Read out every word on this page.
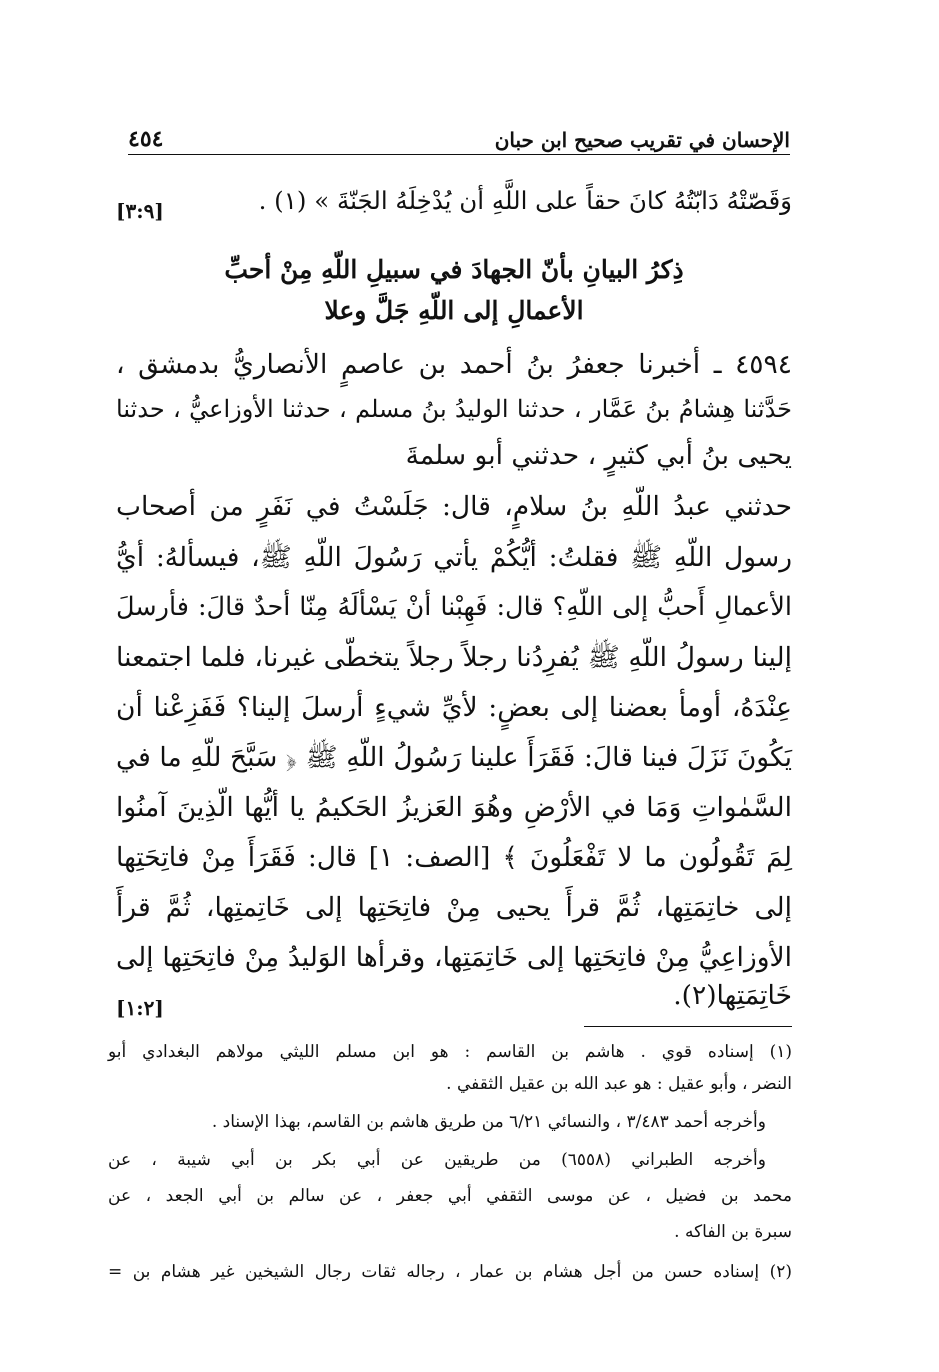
٤٥٤	الإحسان في تقريب صحيح ابن حبان
وَقَصّتْهُ دَابّتُهُ كانَ حقاً على اللَّهِ أن يُدْخِلَهُ الجَنّةَ » (١) .
[٣:٩]
ذِكرُ البيانِ بأنّ الجهادَ في سبيلِ اللّهِ مِنْ أحبِّ
الأعمالِ إلى اللّهِ جَلَّ وعلا
٤٥٩٤ ـ أخبرنا جعفرُ بنُ أحمد بن عاصمٍ الأنصاريُّ بدمشق ،
حَدَّثنا هِشامُ بنُ عَمَّار ، حدثنا الوليدُ بنُ مسلم ، حدثنا الأوزاعيُّ ، حدثنا
يحيى بنُ أبي كثيرٍ ، حدثني أبو سلمةَ
حدثني عبدُ اللّهِ بنُ سلامٍ، قال: جَلَسْتُ في نَفَرٍ من أصحاب
رسول اللّهِ ﷺ فقلتُ: أيُّكُمْ يأتي رَسُولَ اللّهِ ﷺ، فيسألهُ: أيُّ
الأعمالِ أَحبُّ إلى اللّهِ؟ قال: فَهِبْنا أنْ يَسْألَهُ مِنّا أحدٌ قالَ: فأرسلَ
إلينا رسولُ اللّهِ ﷺ يُفرِدُنا رجلاً رجلاً يتخطّى غيرنا، فلما اجتمعنا
عِنْدَهُ، أومأ بعضنا إلى بعضٍ: لأيِّ شيءٍ أرسلَ إلينا؟ فَفَزِعْنا أن
يَكُونَ نَزَلَ فينا قالَ: فَقَرَأَ علينا رَسُولُ اللّهِ ﷺ ﴿ سَبَّحَ للّهِ ما في
السَّمٰواتِ وَمَا في الأرْضِ وهُوَ العَزيزُ الحَكيمُ يا أيُّها الّذِينَ آمنُوا
لِمَ تَقُولُون ما لا تَفْعَلُونَ ﴾ [الصف: ١] قال: فَقَرَأَ مِنْ فاتِحَتِها
إلى خاتِمَتِها، ثُمَّ قرأَ يحيى مِنْ فاتِحَتِها إلى خَاتِمتِها، ثُمَّ قرأَ
الأوزاعِيُّ مِنْ فاتِحَتِها إلى خَاتِمَتِها، وقرأها الوَليدُ مِنْ فاتِحَتِها إلى
خَاتِمَتِها(٢).
[١:٢]
(١) إسناده قوي . هاشم بن القاسم : هو ابن مسلم الليثي مولاهم البغدادي أبو
النضر ، وأبو عقيل : هو عبد الله بن عقيل الثقفي .
وأخرجه أحمد ٣/٤٨٣ ، والنسائي ٦/٢١ من طريق هاشم بن القاسم، بهذا الإسناد .
وأخرجه الطبراني (٦٥٥٨) من طريقين عن أبي بكر بن أبي شيبة ، عن
محمد بن فضيل ، عن موسى الثقفي أبي جعفر ، عن سالم بن أبي الجعد ، عن
سبرة بن الفاكه .
(٢) إسناده حسن من أجل هشام بن عمار ، رجاله ثقات رجال الشيخين غير هشام بن =
